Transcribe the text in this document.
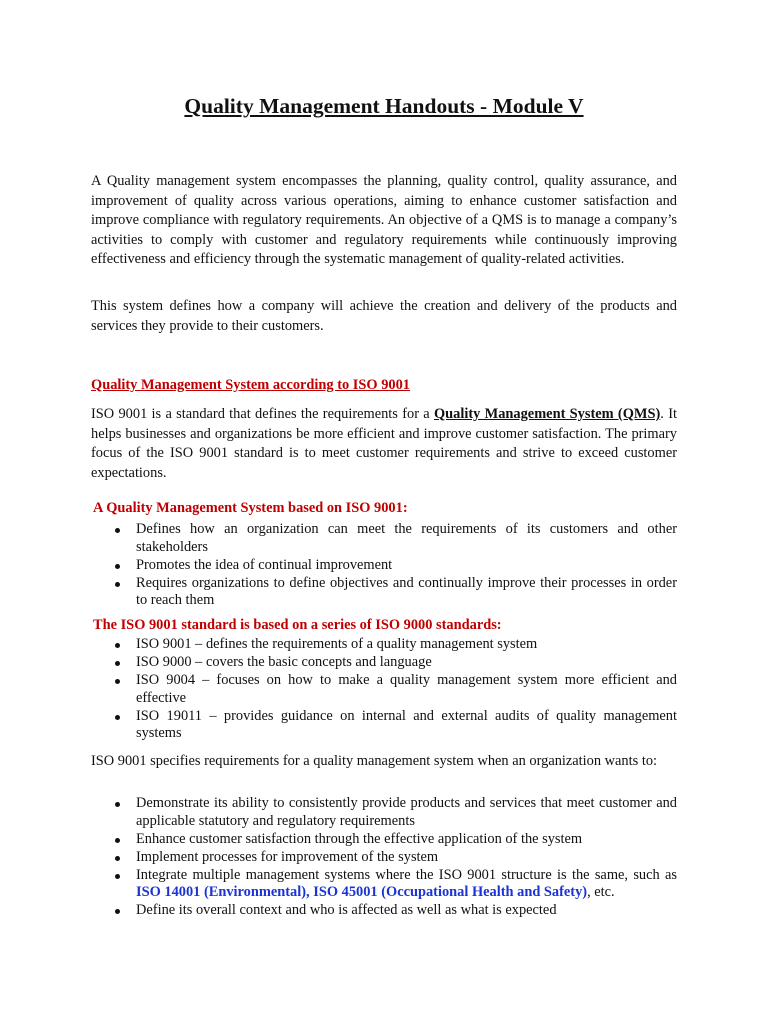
Quality Management Handouts - Module V

A Quality management system encompasses the planning, quality control, quality assurance, and improvement of quality across various operations, aiming to enhance customer satisfaction and improve compliance with regulatory requirements. An objective of a QMS is to manage a company’s activities to comply with customer and regulatory requirements while continuously improving effectiveness and efficiency through the systematic management of quality-related activities.

This system defines how a company will achieve the creation and delivery of the products and services they provide to their customers.

Quality Management System according to ISO 9001

ISO 9001 is a standard that defines the requirements for a Quality Management System (QMS). It helps businesses and organizations be more efficient and improve customer satisfaction. The primary focus of the ISO 9001 standard is to meet customer requirements and strive to exceed customer expectations.

A Quality Management System based on ISO 9001:

Defines how an organization can meet the requirements of its customers and other stakeholders
Promotes the idea of continual improvement
Requires organizations to define objectives and continually improve their processes in order to reach them

The ISO 9001 standard is based on a series of ISO 9000 standards:

ISO 9001 – defines the requirements of a quality management system
ISO 9000 – covers the basic concepts and language
ISO 9004 – focuses on how to make a quality management system more efficient and effective
ISO 19011 – provides guidance on internal and external audits of quality management systems

ISO 9001 specifies requirements for a quality management system when an organization wants to:

Demonstrate its ability to consistently provide products and services that meet customer and applicable statutory and regulatory requirements
Enhance customer satisfaction through the effective application of the system
Implement processes for improvement of the system
Integrate multiple management systems where the ISO 9001 structure is the same, such as ISO 14001 (Environmental), ISO 45001 (Occupational Health and Safety), etc.
Define its overall context and who is affected as well as what is expected
